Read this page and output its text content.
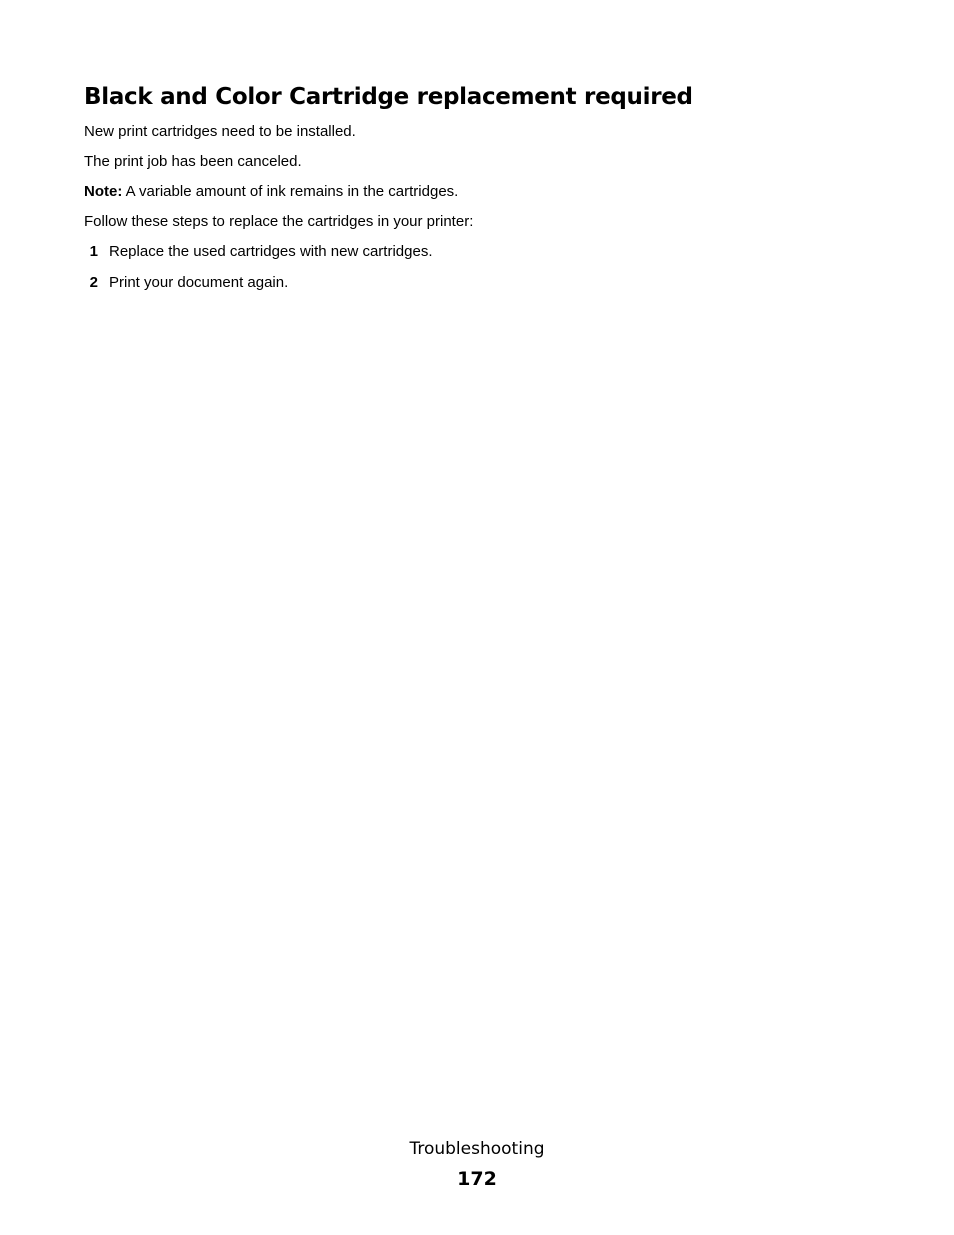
Black and Color Cartridge replacement required

New print cartridges need to be installed.

The print job has been canceled.

Note: A variable amount of ink remains in the cartridges.

Follow these steps to replace the cartridges in your printer:

1 Replace the used cartridges with new cartridges.
2 Print your document again.
Troubleshooting
172
